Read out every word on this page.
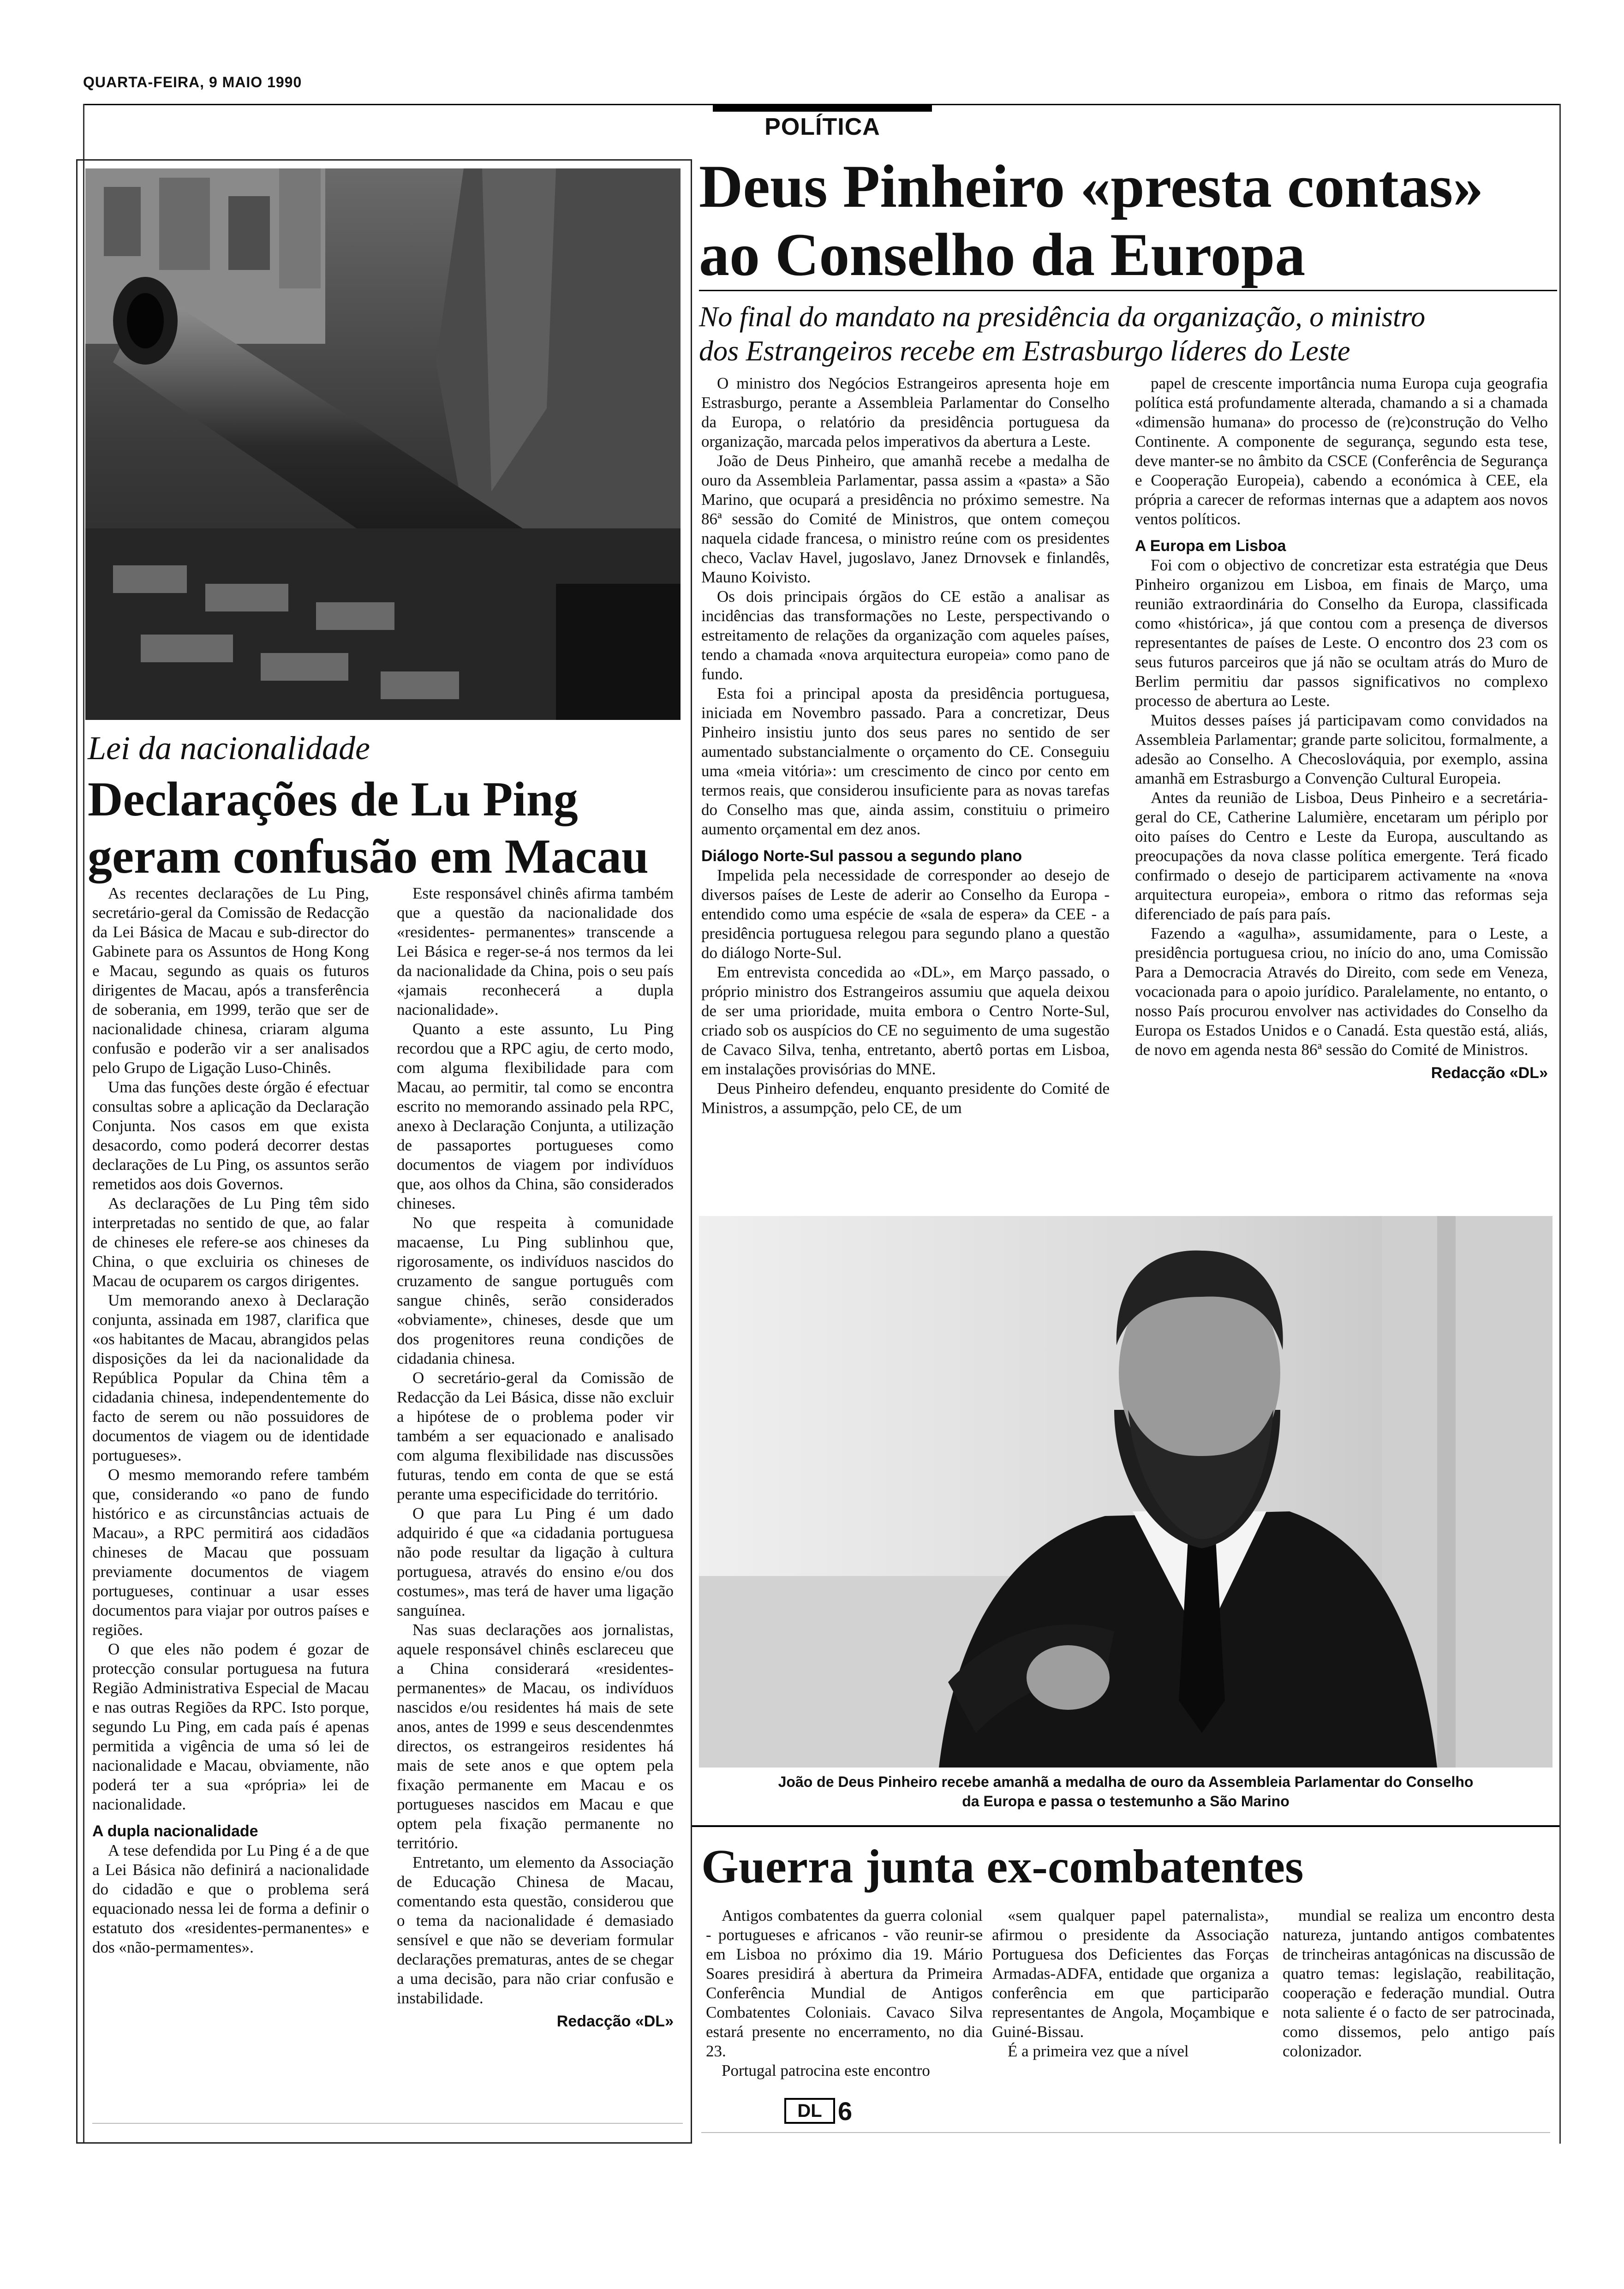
QUARTA-FEIRA, 9 MAIO 1990
POLÍTICA
Deus Pinheiro «presta contas»
ao Conselho da Europa
No final do mandato na presidência da organização, o ministro
dos Estrangeiros recebe em Estrasburgo líderes do Leste
Lei da nacionalidade
Declarações de Lu Ping
geram confusão em Macau

As recentes declarações de Lu Ping, secretário-geral da Comissão de Redacção da Lei Básica de Macau e sub-director do Gabinete para os Assuntos de Hong Kong e Macau, segundo as quais os futuros dirigentes de Macau, após a transferência de soberania, em 1999, terão que ser de nacionalidade chinesa, criaram alguma confusão e poderão vir a ser analisados pelo Grupo de Ligação Luso-Chinês.

Uma das funções deste órgão é efectuar consultas sobre a aplicação da Declaração Conjunta. Nos casos em que exista desacordo, como poderá decorrer destas declarações de Lu Ping, os assuntos serão remetidos aos dois Governos.

As declarações de Lu Ping têm sido interpretadas no sentido de que, ao falar de chineses ele refere-se aos chineses da China, o que excluiria os chineses de Macau de ocuparem os cargos dirigentes.

Um memorando anexo à Declaração conjunta, assinada em 1987, clarifica que «os habitantes de Macau, abrangidos pelas disposições da lei da nacionalidade da República Popular da China têm a cidadania chinesa, independentemente do facto de serem ou não possuidores de documentos de viagem ou de identidade portugueses».

O mesmo memorando refere também que, considerando «o pano de fundo histórico e as circunstâncias actuais de Macau», a RPC permitirá aos cidadãos chineses de Macau que possuam previamente documentos de viagem portugueses, continuar a usar esses documentos para viajar por outros países e regiões.

O que eles não podem é gozar de protecção consular portuguesa na futura Região Administrativa Especial de Macau e nas outras Regiões da RPC. Isto porque, segundo Lu Ping, em cada país é apenas permitida a vigência de uma só lei de nacionalidade e Macau, obviamente, não poderá ter a sua «própria» lei de nacionalidade.

A dupla nacionalidade

A tese defendida por Lu Ping é a de que a Lei Básica não definirá a nacionalidade do cidadão e que o problema será equacionado nessa lei de forma a definir o estatuto dos «residentes-permanentes» e dos «não-permamentes».

Este responsável chinês afirma também que a questão da nacionalidade dos «residentes- permanentes» transcende a Lei Básica e reger-se-á nos termos da lei da nacionalidade da China, pois o seu país «jamais reconhecerá a dupla nacionalidade».

Quanto a este assunto, Lu Ping recordou que a RPC agiu, de certo modo, com alguma flexibilidade para com Macau, ao permitir, tal como se encontra escrito no memorando assinado pela RPC, anexo à Declaração Conjunta, a utilização de passaportes portugueses como documentos de viagem por indivíduos que, aos olhos da China, são considerados chineses.

No que respeita à comunidade macaense, Lu Ping sublinhou que, rigorosamente, os indivíduos nascidos do cruzamento de sangue português com sangue chinês, serão considerados «obviamente», chineses, desde que um dos progenitores reuna condições de cidadania chinesa.

O secretário-geral da Comissão de Redacção da Lei Básica, disse não excluir a hipótese de o problema poder vir também a ser equacionado e analisado com alguma flexibilidade nas discussões futuras, tendo em conta de que se está perante uma especificidade do território.

O que para Lu Ping é um dado adquirido é que «a cidadania portuguesa não pode resultar da ligação à cultura portuguesa, através do ensino e/ou dos costumes», mas terá de haver uma ligação sanguínea.

Nas suas declarações aos jornalistas, aquele responsável chinês esclareceu que a China considerará «residentes-permanentes» de Macau, os indivíduos nascidos e/ou residentes há mais de sete anos, antes de 1999 e seus descendenmtes directos, os estrangeiros residentes há mais de sete anos e que optem pela fixação permanente em Macau e os portugueses nascidos em Macau e que optem pela fixação permanente no território.

Entretanto, um elemento da Associação de Educação Chinesa de Macau, comentando esta questão, considerou que o tema da nacionalidade é demasiado sensível e que não se deveriam formular declarações prematuras, antes de se chegar a uma decisão, para não criar confusão e instabilidade.

Redacção «DL»

O ministro dos Negócios Estrangeiros apresenta hoje em Estrasburgo, perante a Assembleia Parlamentar do Conselho da Europa, o relatório da presidência portuguesa da organização, marcada pelos imperativos da abertura a Leste.

João de Deus Pinheiro, que amanhã recebe a medalha de ouro da Assembleia Parlamentar, passa assim a «pasta» a São Marino, que ocupará a presidência no próximo semestre. Na 86ª sessão do Comité de Ministros, que ontem começou naquela cidade francesa, o ministro reúne com os presidentes checo, Vaclav Havel, jugoslavo, Janez Drnovsek e finlandês, Mauno Koivisto.

Os dois principais órgãos do CE estão a analisar as incidências das transformações no Leste, perspectivando o estreitamento de relações da organização com aqueles países, tendo a chamada «nova arquitectura europeia» como pano de fundo.

Esta foi a principal aposta da presidência portuguesa, iniciada em Novembro passado. Para a concretizar, Deus Pinheiro insistiu junto dos seus pares no sentido de ser aumentado substancialmente o orçamento do CE. Conseguiu uma «meia vitória»: um crescimento de cinco por cento em termos reais, que considerou insuficiente para as novas tarefas do Conselho mas que, ainda assim, constituiu o primeiro aumento orçamental em dez anos.

Diálogo Norte-Sul passou a segundo plano

Impelida pela necessidade de corresponder ao desejo de diversos países de Leste de aderir ao Conselho da Europa - entendido como uma espécie de «sala de espera» da CEE - a presidência portuguesa relegou para segundo plano a questão do diálogo Norte-Sul.

Em entrevista concedida ao «DL», em Março passado, o próprio ministro dos Estrangeiros assumiu que aquela deixou de ser uma prioridade, muita embora o Centro Norte-Sul, criado sob os auspícios do CE no seguimento de uma sugestão de Cavaco Silva, tenha, entretanto, abertô portas em Lisboa, em instalações provisórias do MNE.

Deus Pinheiro defendeu, enquanto presidente do Comité de Ministros, a assumpção, pelo CE, de um

papel de crescente importância numa Europa cuja geografia política está profundamente alterada, chamando a si a chamada «dimensão humana» do processo de (re)construção do Velho Continente. A componente de segurança, segundo esta tese, deve manter-se no âmbito da CSCE (Conferência de Segurança e Cooperação Europeia), cabendo a económica à CEE, ela própria a carecer de reformas internas que a adaptem aos novos ventos políticos.

A Europa em Lisboa

Foi com o objectivo de concretizar esta estratégia que Deus Pinheiro organizou em Lisboa, em finais de Março, uma reunião extraordinária do Conselho da Europa, classificada como «histórica», já que contou com a presença de diversos representantes de países de Leste. O encontro dos 23 com os seus futuros parceiros que já não se ocultam atrás do Muro de Berlim permitiu dar passos significativos no complexo processo de abertura ao Leste.

Muitos desses países já participavam como convidados na Assembleia Parlamentar; grande parte solicitou, formalmente, a adesão ao Conselho. A Checoslováquia, por exemplo, assina amanhã em Estrasburgo a Convenção Cultural Europeia.

Antes da reunião de Lisboa, Deus Pinheiro e a secretária-geral do CE, Catherine Lalumière, encetaram um périplo por oito países do Centro e Leste da Europa, auscultando as preocupações da nova classe política emergente. Terá ficado confirmado o desejo de participarem activamente na «nova arquitectura europeia», embora o ritmo das reformas seja diferenciado de país para país.

Fazendo a «agulha», assumidamente, para o Leste, a presidência portuguesa criou, no início do ano, uma Comissão Para a Democracia Através do Direito, com sede em Veneza, vocacionada para o apoio jurídico. Paralelamente, no entanto, o nosso País procurou envolver nas actividades do Conselho da Europa os Estados Unidos e o Canadá. Esta questão está, aliás, de novo em agenda nesta 86ª sessão do Comité de Ministros.

Redacção «DL»
João de Deus Pinheiro recebe amanhã a medalha de ouro da Assembleia Parlamentar do Conselho
da Europa e passa o testemunho a São Marino
Guerra junta ex-combatentes

Antigos combatentes da guerra colonial - portugueses e africanos - vão reunir-se em Lisboa no próximo dia 19. Mário Soares presidirá à abertura da Primeira Conferência Mundial de Antigos Combatentes Coloniais. Cavaco Silva estará presente no encerramento, no dia 23.

Portugal patrocina este encontro

«sem qualquer papel paternalista», afirmou o presidente da Associação Portuguesa dos Deficientes das Forças Armadas-ADFA, entidade que organiza a conferência em que participarão representantes de Angola, Moçambique e Guiné-Bissau.

É a primeira vez que a nível

mundial se realiza um encontro desta natureza, juntando antigos combatentes de trincheiras antagónicas na discussão de quatro temas: legislação, reabilitação, cooperação e federação mundial. Outra nota saliente é o facto de ser patrocinada, como dissemos, pelo antigo país colonizador.

DL 6
